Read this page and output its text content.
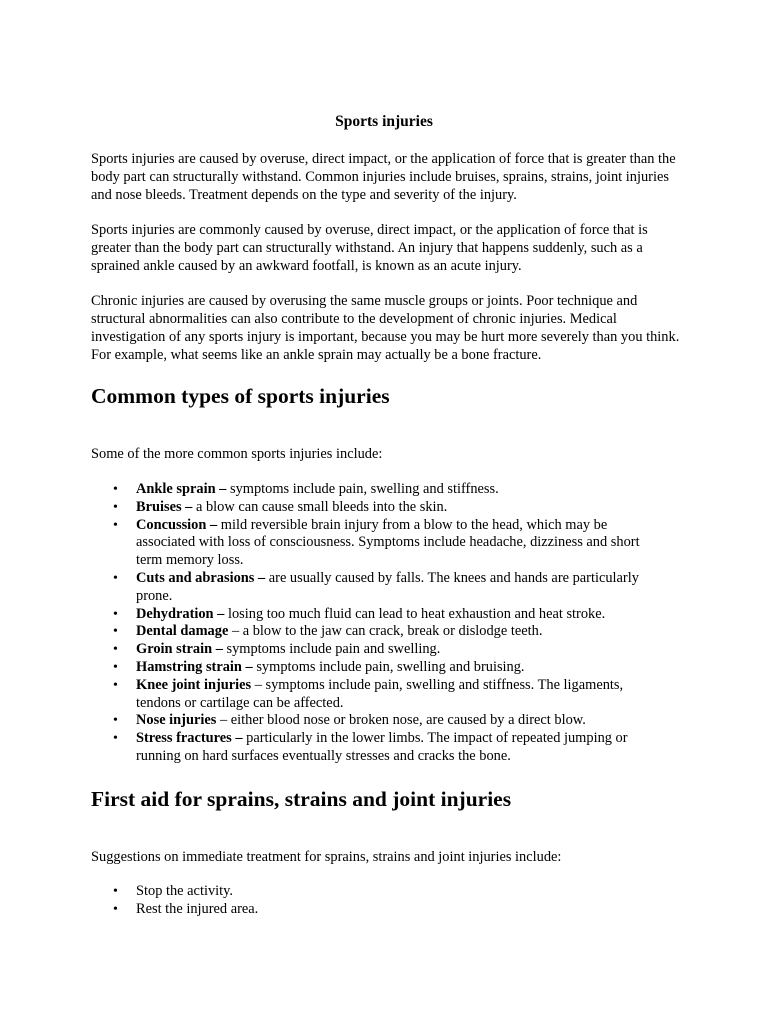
Sports injuries

Sports injuries are caused by overuse, direct impact, or the application of force that is greater than the body part can structurally withstand. Common injuries include bruises, sprains, strains, joint injuries and nose bleeds. Treatment depends on the type and severity of the injury.

Sports injuries are commonly caused by overuse, direct impact, or the application of force that is greater than the body part can structurally withstand. An injury that happens suddenly, such as a sprained ankle caused by an awkward footfall, is known as an acute injury.

Chronic injuries are caused by overusing the same muscle groups or joints. Poor technique and structural abnormalities can also contribute to the development of chronic injuries. Medical investigation of any sports injury is important, because you may be hurt more severely than you think. For example, what seems like an ankle sprain may actually be a bone fracture.

Common types of sports injuries

Some of the more common sports injuries include:

• Ankle sprain – symptoms include pain, swelling and stiffness.
• Bruises – a blow can cause small bleeds into the skin.
• Concussion – mild reversible brain injury from a blow to the head, which may be associated with loss of consciousness. Symptoms include headache, dizziness and short term memory loss.
• Cuts and abrasions – are usually caused by falls. The knees and hands are particularly prone.
• Dehydration – losing too much fluid can lead to heat exhaustion and heat stroke.
• Dental damage – a blow to the jaw can crack, break or dislodge teeth.
• Groin strain – symptoms include pain and swelling.
• Hamstring strain – symptoms include pain, swelling and bruising.
• Knee joint injuries – symptoms include pain, swelling and stiffness. The ligaments, tendons or cartilage can be affected.
• Nose injuries – either blood nose or broken nose, are caused by a direct blow.
• Stress fractures – particularly in the lower limbs. The impact of repeated jumping or running on hard surfaces eventually stresses and cracks the bone.
First aid for sprains, strains and joint injuries

Suggestions on immediate treatment for sprains, strains and joint injuries include:

• Stop the activity.
• Rest the injured area.
